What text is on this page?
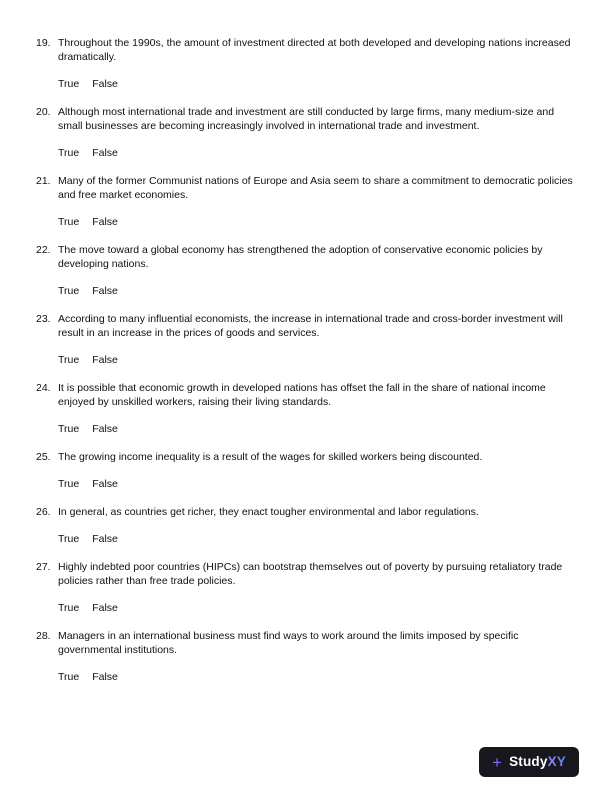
19. Throughout the 1990s, the amount of investment directed at both developed and developing nations increased dramatically.
True False
20. Although most international trade and investment are still conducted by large firms, many medium-size and small businesses are becoming increasingly involved in international trade and investment.
True False
21. Many of the former Communist nations of Europe and Asia seem to share a commitment to democratic policies and free market economies.
True False
22. The move toward a global economy has strengthened the adoption of conservative economic policies by developing nations.
True False
23. According to many influential economists, the increase in international trade and cross-border investment will result in an increase in the prices of goods and services.
True False
24. It is possible that economic growth in developed nations has offset the fall in the share of national income enjoyed by unskilled workers, raising their living standards.
True False
25. The growing income inequality is a result of the wages for skilled workers being discounted.
True False
26. In general, as countries get richer, they enact tougher environmental and labor regulations.
True False
27. Highly indebted poor countries (HIPCs) can bootstrap themselves out of poverty by pursuing retaliatory trade policies rather than free trade policies.
True False
28. Managers in an international business must find ways to work around the limits imposed by specific governmental institutions.
True False
+ StudyXY
